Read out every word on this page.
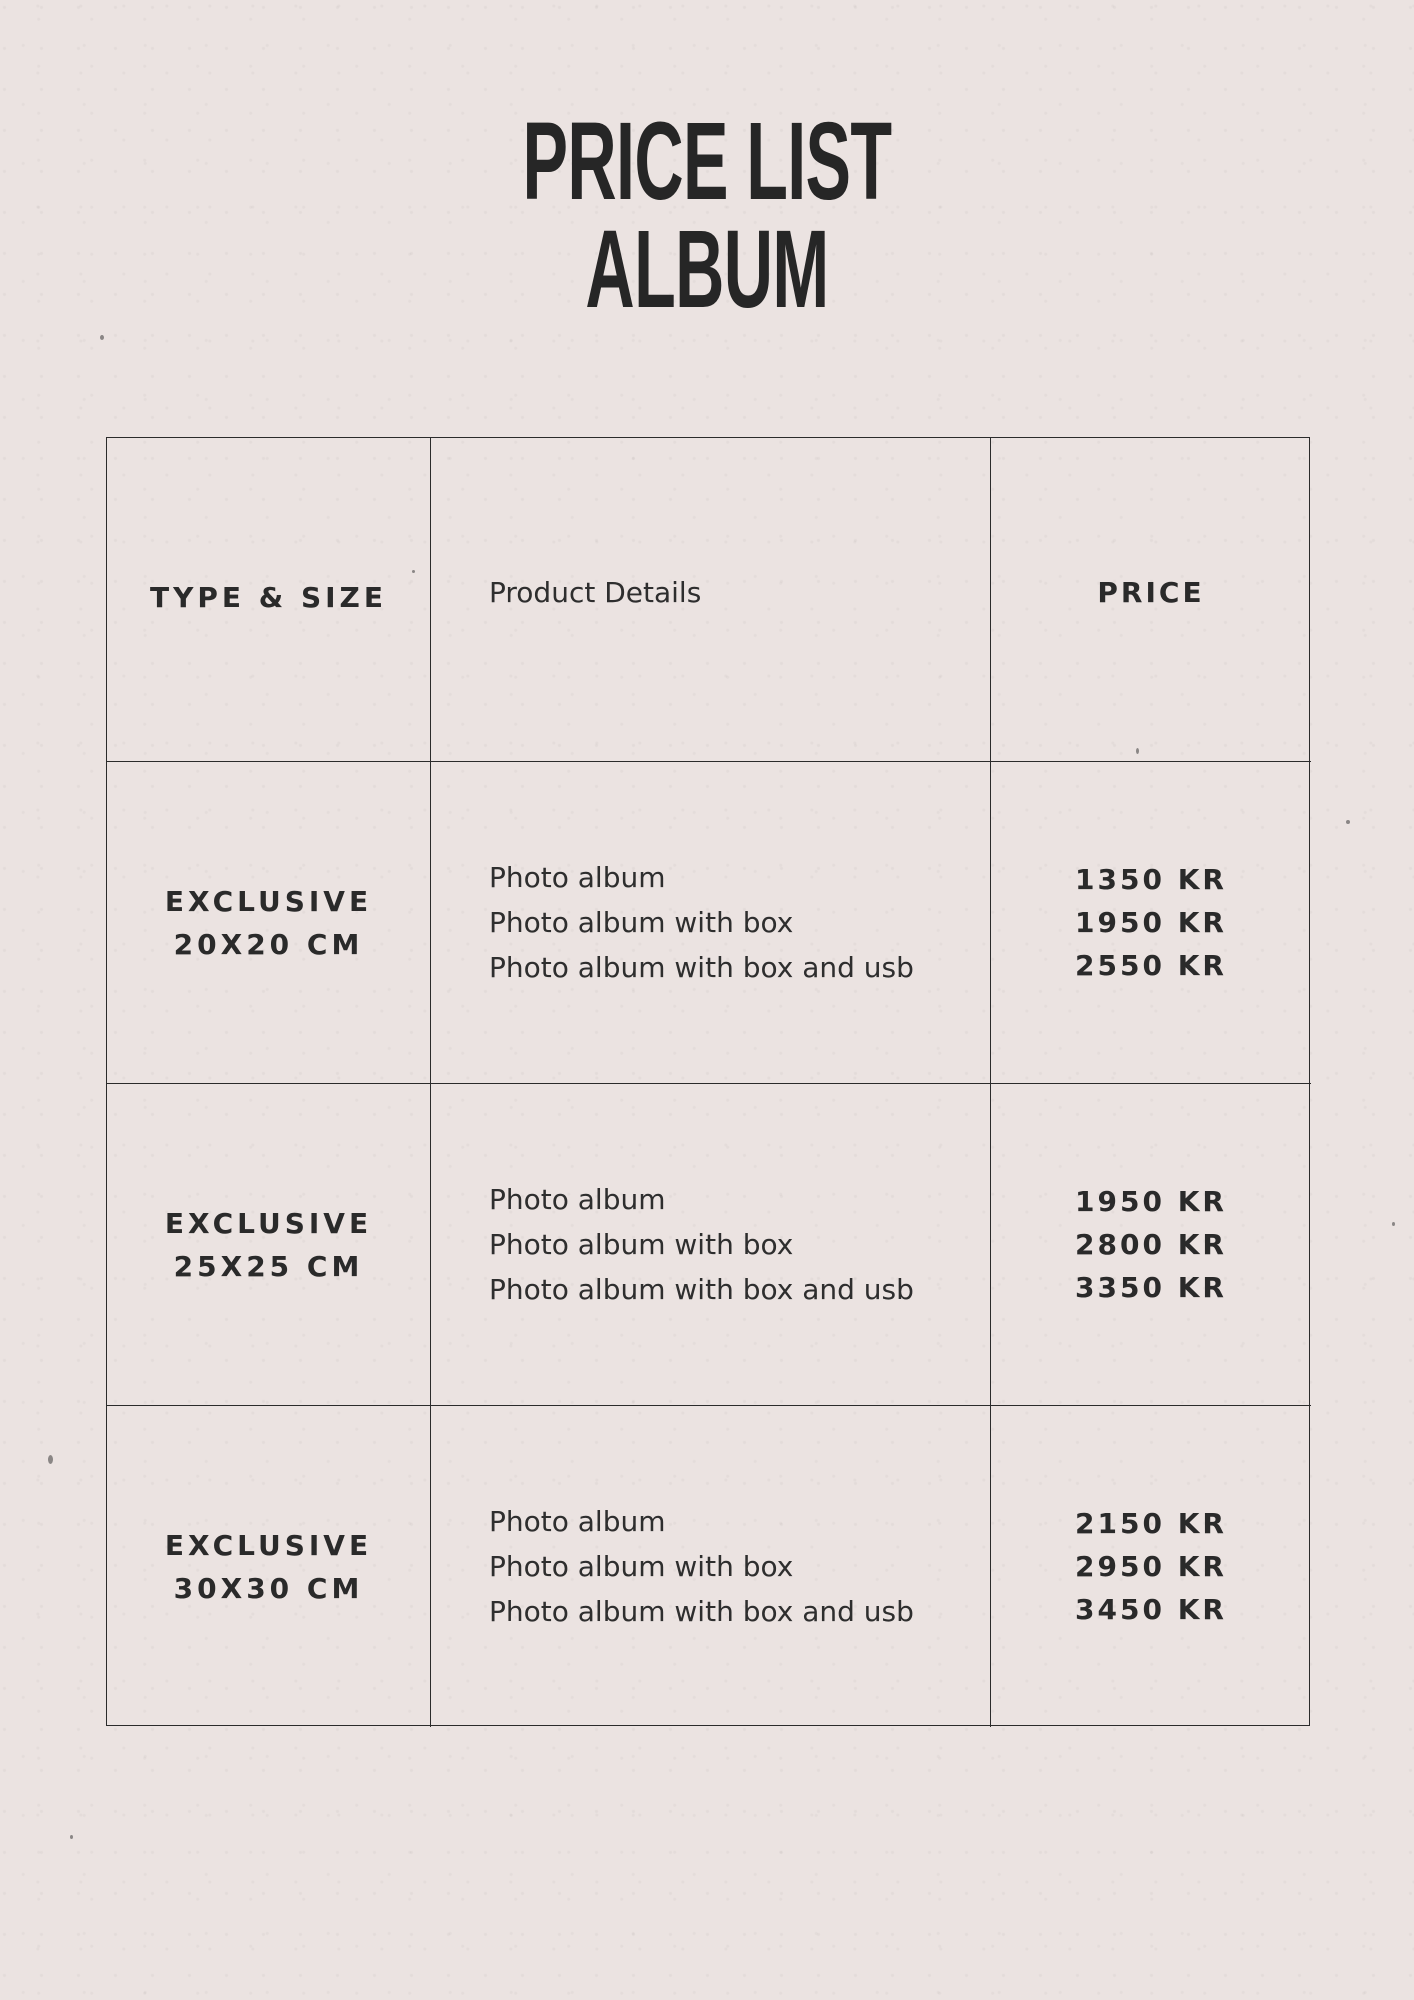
PRICE LIST
ALBUM
TYPE & SIZE	Product Details	PRICE
EXCLUSIVE
20X20 CM
Photo album
Photo album with box
Photo album with box and usb
1350 KR
1950 KR
2550 KR
EXCLUSIVE
25X25 CM
Photo album
Photo album with box
Photo album with box and usb
1950 KR
2800 KR
3350 KR
EXCLUSIVE
30X30 CM
Photo album
Photo album with box
Photo album with box and usb
2150 KR
2950 KR
3450 KR
